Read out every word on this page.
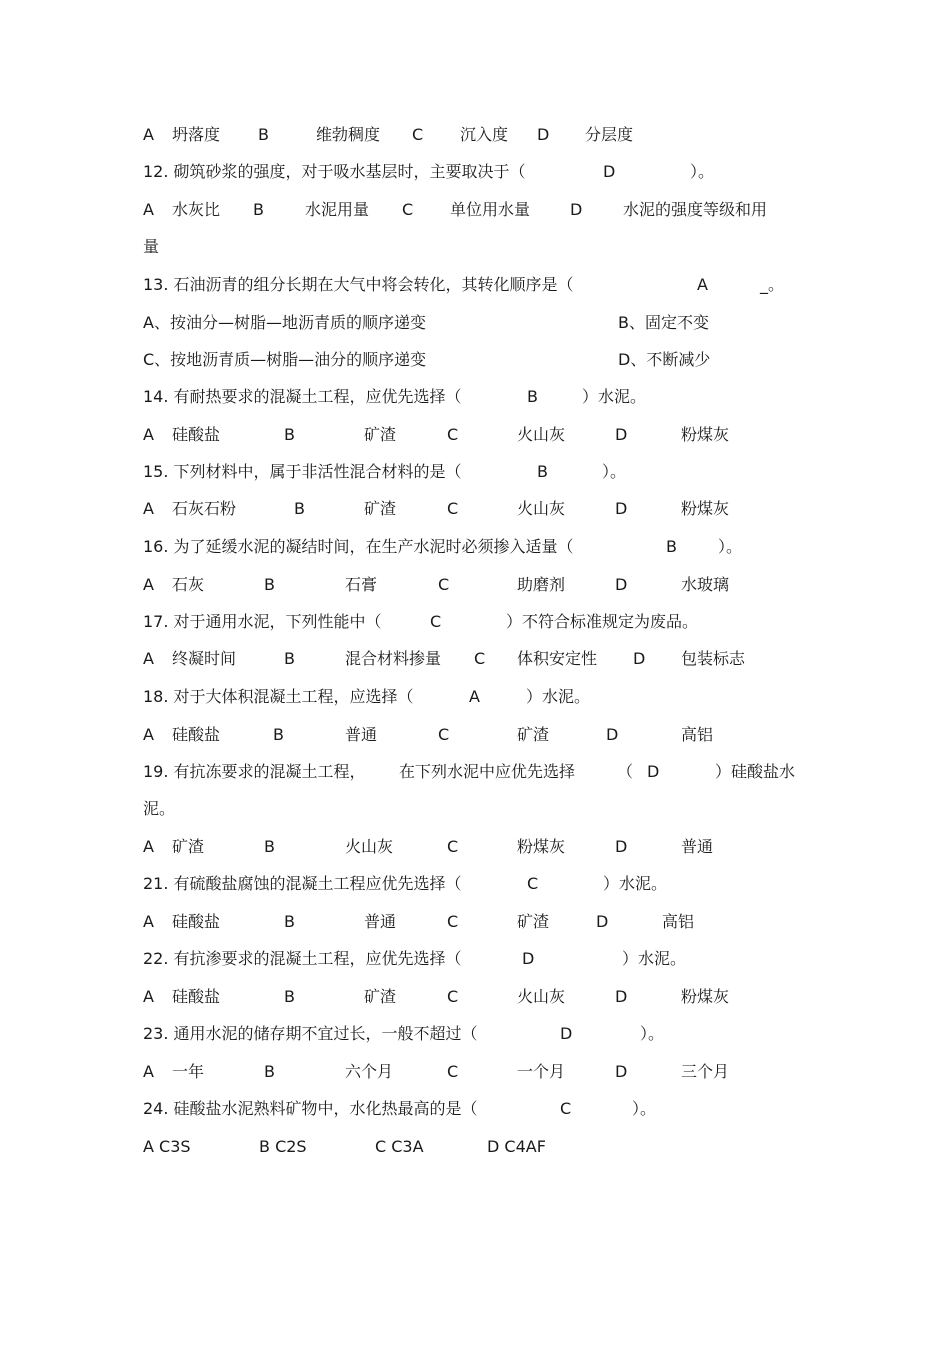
A 坍落度 B	维勃稠度 C 沉入度 D 分层度
12. 砌筑砂浆的强度，对于吸水基层时，主要取决于（	D	）。
A 水灰比 B	水泥用量 C 单位用水量 D	水泥的强度等级和用
量
13. 石油沥青的组分长期在大气中将会转化，其转化顺序是（	A	_。
A、按油分—树脂—地沥青质的顺序递变	B、固定不变
C、按地沥青质—树脂—油分的顺序递变	D、不断减少
14. 有耐热要求的混凝土工程，应优先选择（	B	）水泥。
A 硅酸盐	B	矿渣	C	火山灰	D	粉煤灰
15. 下列材料中，属于非活性混合材料的是（	B	）。
A 石灰石粉	B	矿渣	C	火山灰	D	粉煤灰
16. 为了延缓水泥的凝结时间，在生产水泥时必须掺入适量（	B	）。
A 石灰	B	石膏	C	助磨剂	D	水玻璃
17. 对于通用水泥，下列性能中（	C	）不符合标准规定为废品。
A 终凝时间	B	混合材料掺量 C 体积安定性 D 包装标志
18. 对于大体积混凝土工程，应选择（	A	）水泥。
A 硅酸盐	B	普通	C	矿渣	D	高铝
19. 有抗冻要求的混凝土工程， 在下列水泥中应优先选择	（ D	）硅酸盐水
泥。
A 矿渣	B	火山灰	C	粉煤灰	D	普通
21. 有硫酸盐腐蚀的混凝土工程应优先选择（	C	）水泥。
A 硅酸盐	B	普通	C	矿渣	D	高铝
22. 有抗渗要求的混凝土工程，应优先选择（	D	）水泥。
A 硅酸盐	B	矿渣	C	火山灰	D	粉煤灰
23. 通用水泥的储存期不宜过长，一般不超过（	D	）。
A 一年	B	六个月	C	一个月	D	三个月
24. 硅酸盐水泥熟料矿物中，水化热最高的是（	C	）。
A C3S	B C2S	C C3A	D C4AF
